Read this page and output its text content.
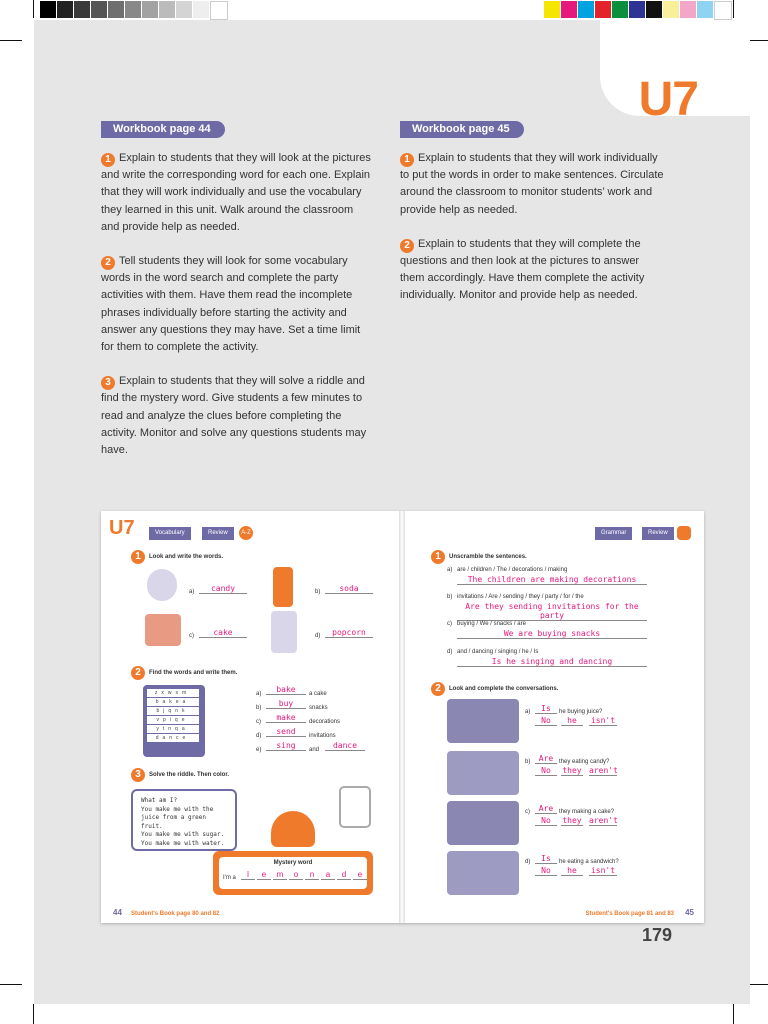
U7
Workbook page 44

1 Explain to students that they will look at the pictures and write the corresponding word for each one. Explain that they will work individually and use the vocabulary they learned in this unit. Walk around the classroom and provide help as needed.

2 Tell students they will look for some vocabulary words in the word search and complete the party activities with them. Have them read the incomplete phrases individually before starting the activity and answer any questions they may have. Set a time limit for them to complete the activity.

3 Explain to students that they will solve a riddle and find the mystery word. Give students a few minutes to read and analyze the clues before completing the activity. Monitor and solve any questions students may have.

Workbook page 45

1 Explain to students that they will work individually to put the words in order to make sentences. Circulate around the classroom to monitor students’ work and provide help as needed.

2 Explain to students that they will complete the questions and then look at the pictures to answer them accordingly. Have them complete the activity individually. Monitor and provide help as needed.

179
U7	Vocabulary	Review	A-Z
1	Look and write the words.
a)	candy	b)	soda
c)	cake	d)	popcorn
2	Find the words and write them.
zxwsm
bakea
bjqnk
vpiqe
ytnqa
dance
a)	bake	a cake
b)	buy	snacks
c)	make	decorations
d)	send	invitations
e)	sing	and	dance
3	Solve the riddle. Then color.
What am I?
You make me with the
juice from a green fruit.
You make me with sugar.
You make me with water.
Mystery word
I'm a	l	e	m	o	n	a	d	e
44 Student's Book page 80 and 82
Grammar	Review
1	Unscramble the sentences.
a) are / children / The / decorations / making
The children are making decorations
b) invitations / Are / sending / they / party / for / the
Are they sending invitations for the party
c) buying / We / snacks / are
We are buying snacks
d) and / dancing / singing / he / Is
Is he singing and dancing
2	Look and complete the conversations.
a)	Is	he buying juice?
No	he	isn't
b)	Are they eating candy?
No	they aren't
c)	Are they making a cake?
No	they aren't
d)	Is	he eating a sandwich?
No	he	isn't
Student's Book page 81 and 83 45
